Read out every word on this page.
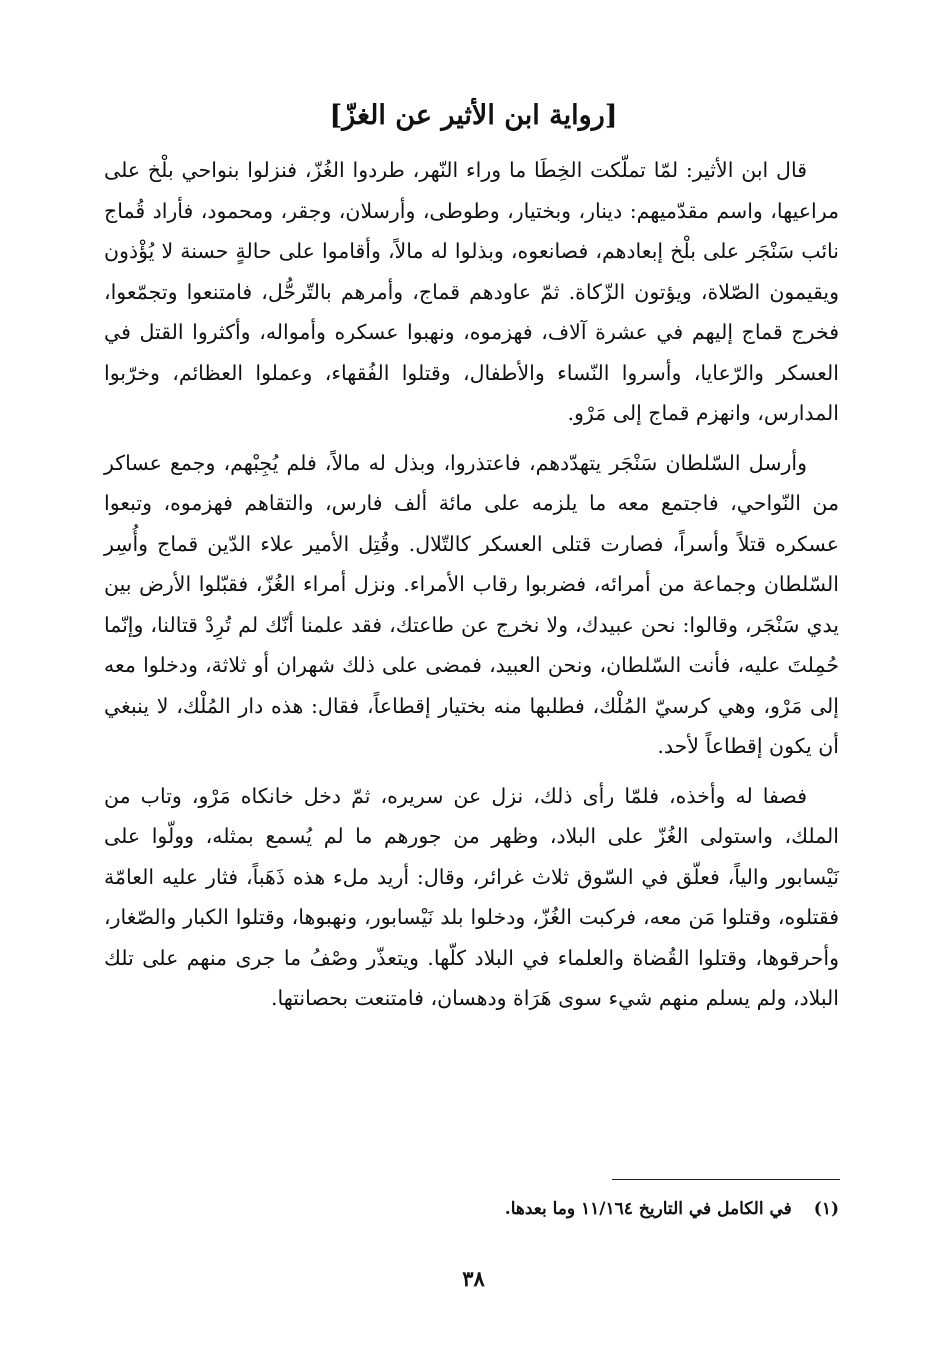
[رواية ابن الأثير عن الغزّ]

قال ابن الأثير: لمّا تملّكت الخِطَا ما وراء النّهر، طردوا الغُزّ، فنزلوا بنواحي بلْخ على مراعيها، واسم مقدّميهم: دينار، وبختيار، وطوطى، وأرسلان، وجقر، ومحمود، فأراد قُماج نائب سَنْجَر على بلْخ إبعادهم، فصانعوه، وبذلوا له مالاً، وأقاموا على حالةٍ حسنة لا يُؤْذون ويقيمون الصّلاة، ويؤتون الزّكاة. ثمّ عاودهم قماج، وأمرهم بالتّرحُّل، فامتنعوا وتجمّعوا، فخرج قماج إليهم في عشرة آلاف، فهزموه، ونهبوا عسكره وأمواله، وأكثروا القتل في العسكر والرّعايا، وأسروا النّساء والأطفال، وقتلوا الفُقهاء، وعملوا العظائم، وخرّبوا المدارس، وانهزم قماج إلى مَرْو.

وأرسل السّلطان سَنْجَر يتهدّدهم، فاعتذروا، وبذل له مالاً، فلم يُجِبْهم، وجمع عساكر من النّواحي، فاجتمع معه ما يلزمه على مائة ألف فارس، والتقاهم فهزموه، وتبعوا عسكره قتلاً وأسراً، فصارت قتلى العسكر كالتّلال. وقُتِل الأمير علاء الدّين قماج وأُسِر السّلطان وجماعة من أمرائه، فضربوا رقاب الأمراء. ونزل أمراء الغُزّ، فقبّلوا الأرض بين يدي سَنْجَر، وقالوا: نحن عبيدك، ولا نخرج عن طاعتك، فقد علمنا أنّك لم تُرِدْ قتالنا، وإنّما حُمِلتَ عليه، فأنت السّلطان، ونحن العبيد، فمضى على ذلك شهران أو ثلاثة، ودخلوا معه إلى مَرْو، وهي كرسيّ المُلْك، فطلبها منه بختيار إقطاعاً، فقال: هذه دار المُلْك، لا ينبغي أن يكون إقطاعاً لأحد.

فصفا له وأخذه، فلمّا رأى ذلك، نزل عن سريره، ثمّ دخل خانكاه مَرْو، وتاب من الملك، واستولى الغُزّ على البلاد، وظهر من جورهم ما لم يُسمع بمثله، وولّوا على نَيْسابور والياً، فعلّق في السّوق ثلاث غرائر، وقال: أريد ملء هذه ذَهَباً، فثار عليه العامّة فقتلوه، وقتلوا مَن معه، فركبت الغُزّ، ودخلوا بلد نَيْسابور، ونهبوها، وقتلوا الكبار والصّغار، وأحرقوها، وقتلوا القُضاة والعلماء في البلاد كلّها. ويتعذّر وصْفُ ما جرى منهم على تلك البلاد، ولم يسلم منهم شيء سوى هَرَاة ودهسان، فامتنعت بحصانتها.

(١)في الكامل في التاريخ ١١/١٦٤ وما بعدها.
٣٨
